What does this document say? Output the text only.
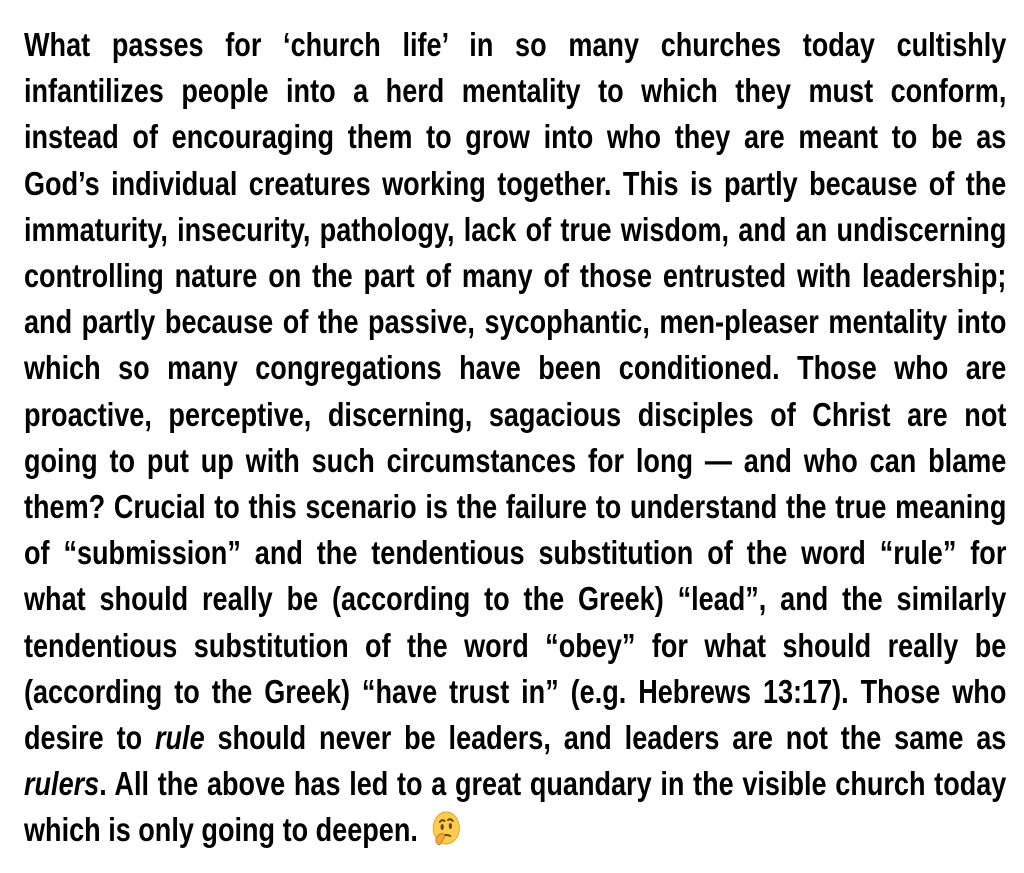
What passes for ‘church life’ in so many churches today cultishly infantilizes people into a herd mentality to which they must conform, instead of encouraging them to grow into who they are meant to be as God’s individual creatures working together. This is partly because of the immaturity, insecurity, pathology, lack of true wisdom, and an undiscerning controlling nature on the part of many of those entrusted with leadership; and partly because of the passive, sycophantic, men-pleaser mentality into which so many congregations have been conditioned. Those who are proactive, perceptive, discerning, sagacious disciples of Christ are not going to put up with such circumstances for long — and who can blame them? Crucial to this scenario is the failure to understand the true meaning of “submission” and the tendentious substitution of the word “rule” for what should really be (according to the Greek) “lead”, and the similarly tendentious substitution of the word “obey” for what should really be (according to the Greek) “have trust in” (e.g. Hebrews 13:17). Those who desire to rule should never be leaders, and leaders are not the same as rulers. All the above has led to a great quandary in the visible church today which is only going to deepen.
